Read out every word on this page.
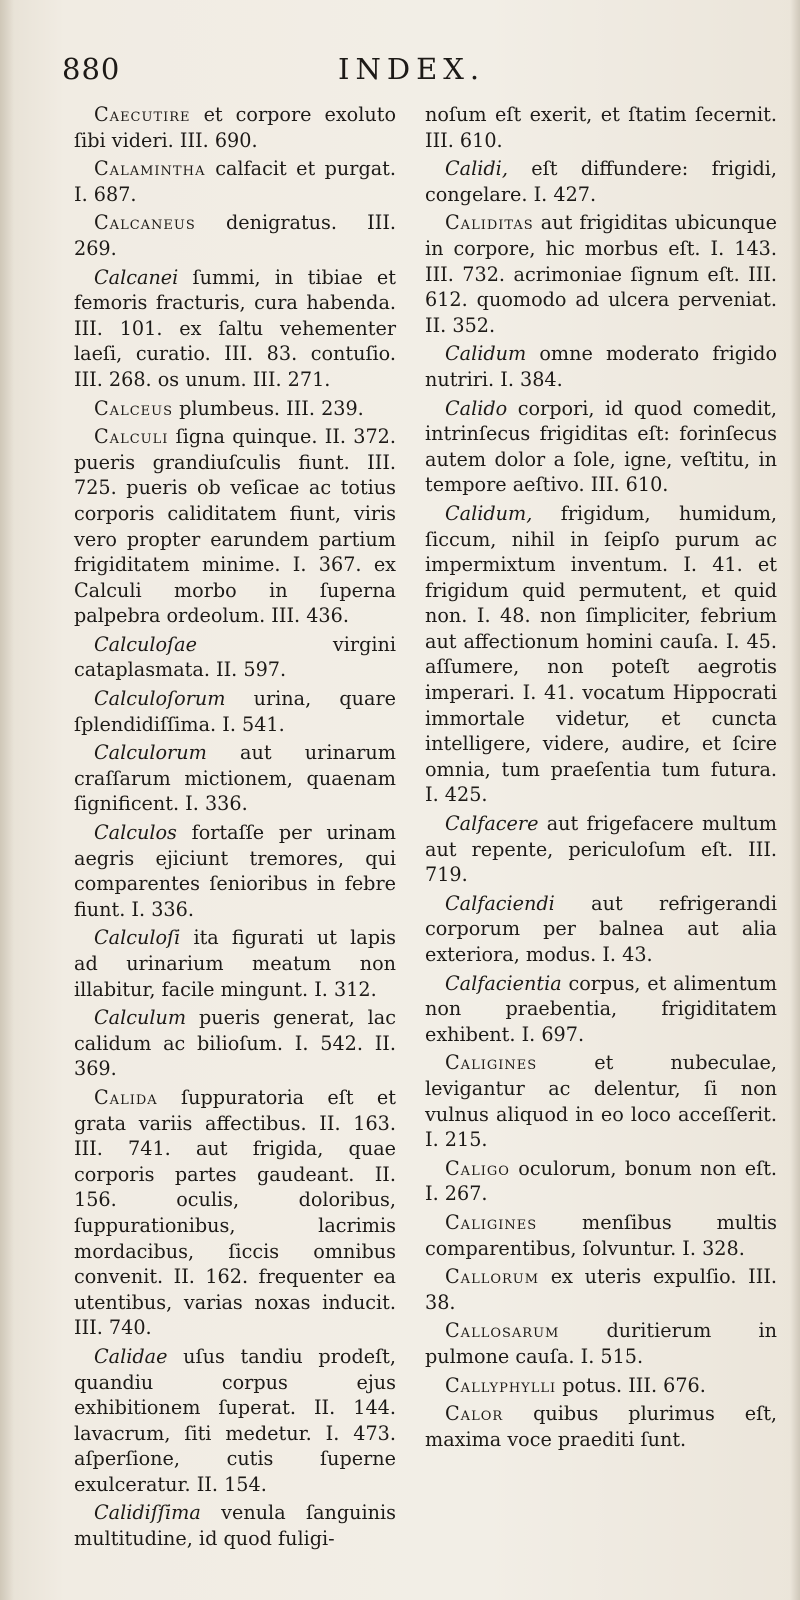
880	INDEX.

Caecutire et corpore exoluto ſibi videri. III. 690.

Calaminthа calfacit et purgat. I. 687.

Calcaneus denigratus. III. 269.

Calcanei ſummi, in tibiae et femoris fracturis, cura habenda. III. 101. ex ſaltu vehementer laeſi, curatio. III. 83. contuſio. III. 268. os unum. III. 271.

Calceus plumbeus. III. 239.

Calculi ſigna quinque. II. 372. pueris grandiuſculis fiunt. III. 725. pueris ob veſicae ac totius corporis caliditatem fiunt, viris vero propter earundem partium frigiditatem minime. I. 367. ex Calculi morbo in ſuperna palpebra ordeolum. III. 436.

Calculoſae virgini cataplasmata. II. 597.

Calculoſorum urina, quare ſplendidiſſima. I. 541.

Calculorum aut urinarum craſſarum mictionem, quaenam ſignificent. I. 336.

Calculos fortaſſe per urinam aegris ejiciunt tremores, qui comparentes ſenioribus in febre fiunt. I. 336.

Calculoſi ita figurati ut lapis ad urinarium meatum non illabitur, facile mingunt. I. 312.

Calculum pueris generat, lac calidum ac bilioſum. I. 542. II. 369.

Calida ſuppuratoria eſt et grata variis affectibus. II. 163. III. 741. aut frigida, quae corporis partes gaudeant. II. 156. oculis, doloribus, ſuppurationibus, lacrimis mordacibus, ſiccis omnibus convenit. II. 162. frequenter ea utentibus, varias noxas inducit. III. 740.

Calidae uſus tandiu prodeſt, quandiu corpus ejus exhibitionem ſuperat. II. 144. lavacrum, ſiti medetur. I. 473. aſperſione, cutis ſuperne exulceratur. II. 154.

Calidiſſima venula ſanguinis multitudine, id quod fuligi-

noſum eſt exerit, et ſtatim ſecernit. III. 610.

Calidi, eſt diffundere: frigidi, congelare. I. 427.

Caliditas aut frigiditas ubicunque in corpore, hic morbus eſt. I. 143. III. 732. acrimoniae ſignum eſt. III. 612. quomodo ad ulcera perveniat. II. 352.

Calidum omne moderato frigido nutriri. I. 384.

Calido corpori, id quod comedit, intrinſecus frigiditas eſt: forinſecus autem dolor a ſole, igne, veſtitu, in tempore aeſtivo. III. 610.

Calidum, frigidum, humidum, ſiccum, nihil in ſeipſo purum ac impermixtum inventum. I. 41. et frigidum quid permutent, et quid non. I. 48. non ſimpliciter, febrium aut affectionum homini cauſa. I. 45. aſſumere, non poteſt aegrotis imperari. I. 41. vocatum Hippocrati immortale videtur, et cuncta intelligere, videre, audire, et ſcire omnia, tum praeſentia tum futura. I. 425.

Calfacere aut frigefacere multum aut repente, periculoſum eſt. III. 719.

Calfaciendi aut refrigerandi corporum per balnea aut alia exteriora, modus. I. 43.

Calfacientia corpus, et alimentum non praebentia, frigiditatem exhibent. I. 697.

Caligines et nubeculae, levigantur ac delentur, ſi non vulnus aliquod in eo loco acceſſerit. I. 215.

Caligo oculorum, bonum non eſt. I. 267.

Caligines menſibus multis comparentibus, ſolvuntur. I. 328.

Callorum ex uteris expulſio. III. 38.

Callosarum duritierum in pulmone cauſa. I. 515.

Callyphylli potus. III. 676.

Calor quibus plurimus eſt, maxima voce praediti ſunt.
